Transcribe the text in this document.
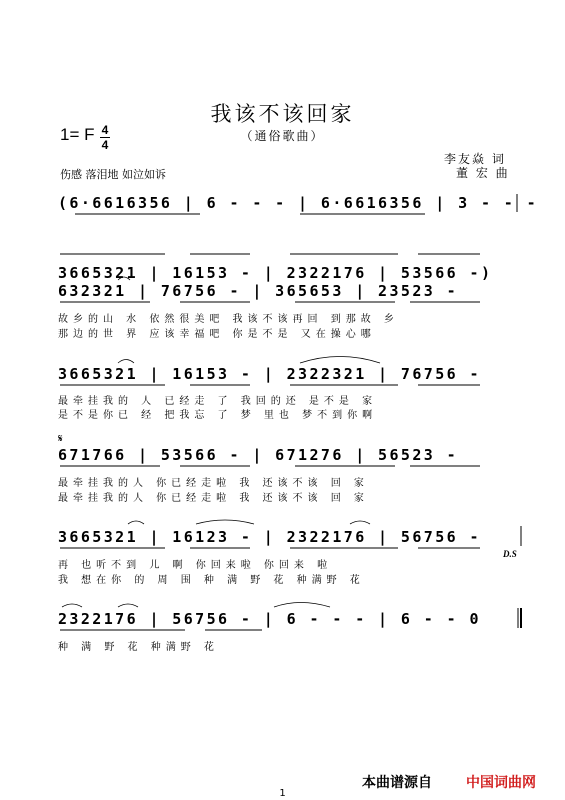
我该不该回家
（通俗歌曲）
1= F 4
4
伤感 落泪地 如泣如诉
李友焱 词
董 宏 曲
(6·6616356 | 6 - - - | 6·6616356 | 3 - - -
3665321 | 16153 - | 2322176 | 53566 -)
632321 | 76756 - | 365653 | 23523 -
故乡的山 水 依然很美吧 我该不该再回 到那故 乡
那边的世 界 应该幸福吧 你是不是 又在操心哪
3665321 | 16153 - | 2322321 | 76756 -
最牵挂我的 人 已经走 了 我回的还 是不是 家
是不是你已 经 把我忘 了 梦 里也 梦不到你啊
𝄋
671766 | 53566 - | 671276 | 56523 -
最牵挂我的人 你已经走啦 我 还该不该 回 家
最牵挂我的人 你已经走啦 我 还该不该 回 家
3665321 | 16123 - | 2322176 | 56756 -
D.S
再 也听不到 儿 啊 你回来啦 你回来 啦
我 想在你 的 周 围 种 满 野 花 种满野 花
2322176 | 56756 - | 6 - - - | 6 - - 0
种 满 野 花 种满野 花
本曲谱源自 中国词曲网
1
